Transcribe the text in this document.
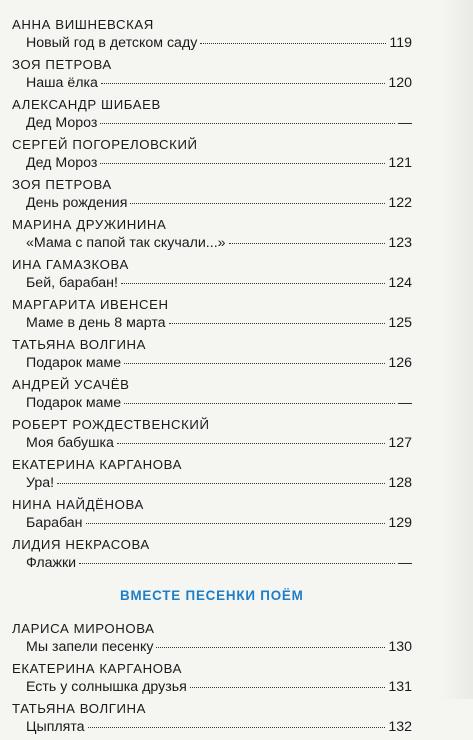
АННА ВИШНЕВСКАЯ
Новый год в детском саду	119
ЗОЯ ПЕТРОВА
Наша ёлка	120
АЛЕКСАНДР ШИБАЕВ
Дед Мороз	—
СЕРГЕЙ ПОГОРЕЛОВСКИЙ
Дед Мороз	121
ЗОЯ ПЕТРОВА
День рождения	122
МАРИНА ДРУЖИНИНА
«Мама с папой так скучали...»	123
ИНА ГАМАЗКОВА
Бей, барабан!	124
МАРГАРИТА ИВЕНСЕН
Маме в день 8 марта	125
ТАТЬЯНА ВОЛГИНА
Подарок маме	126
АНДРЕЙ УСАЧЁВ
Подарок маме	—
РОБЕРТ РОЖДЕСТВЕНСКИЙ
Моя бабушка	127
ЕКАТЕРИНА КАРГАНОВА
Ура!	128
НИНА НАЙДЁНОВА
Барабан	129
ЛИДИЯ НЕКРАСОВА
Флажки	—
ВМЕСТЕ ПЕСЕНКИ ПОЁМ
ЛАРИСА МИРОНОВА
Мы запели песенку	130
ЕКАТЕРИНА КАРГАНОВА
Есть у солнышка друзья	131
ТАТЬЯНА ВОЛГИНА
Цыплята	132
